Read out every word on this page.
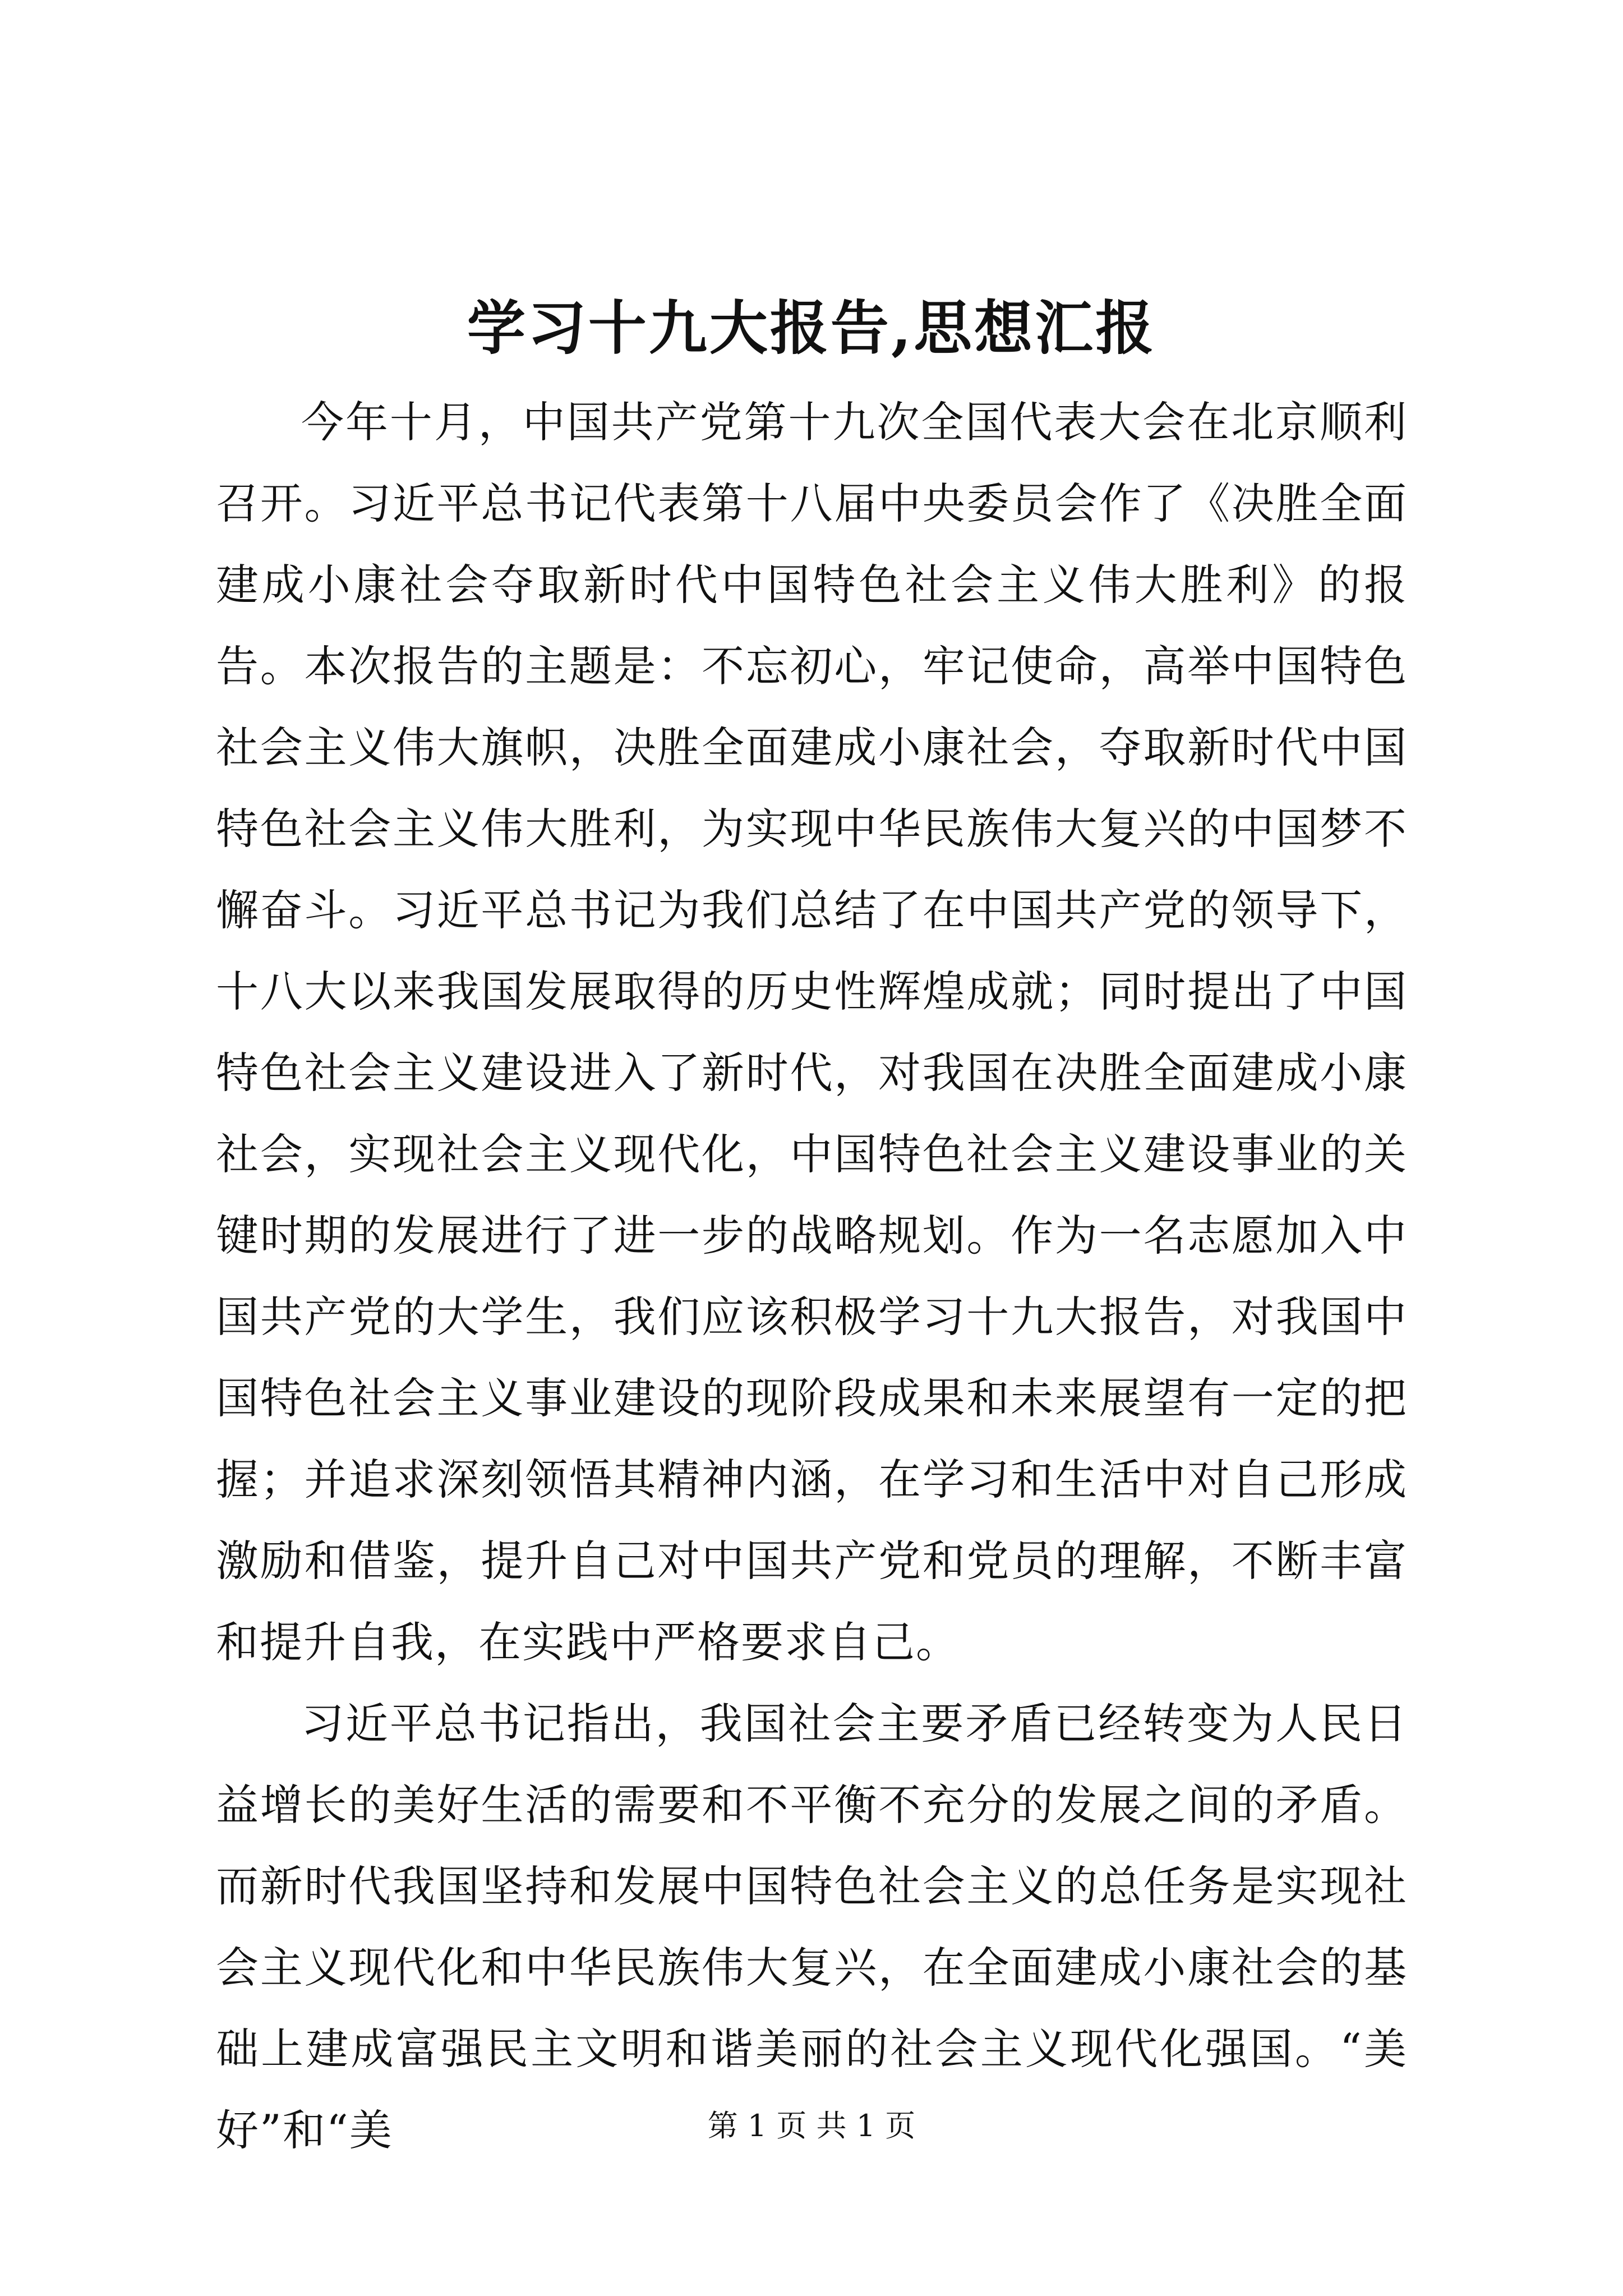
学习十九大报告,思想汇报

今年十月，中国共产党第十九次全国代表大会在北京顺利召开。习近平总书记代表第十八届中央委员会作了《决胜全面建成小康社会夺取新时代中国特色社会主义伟大胜利》的报告。本次报告的主题是：不忘初心，牢记使命，高举中国特色社会主义伟大旗帜，决胜全面建成小康社会，夺取新时代中国特色社会主义伟大胜利，为实现中华民族伟大复兴的中国梦不懈奋斗。习近平总书记为我们总结了在中国共产党的领导下，十八大以来我国发展取得的历史性辉煌成就；同时提出了中国特色社会主义建设进入了新时代，对我国在决胜全面建成小康社会，实现社会主义现代化，中国特色社会主义建设事业的关键时期的发展进行了进一步的战略规划。作为一名志愿加入中国共产党的大学生，我们应该积极学习十九大报告，对我国中国特色社会主义事业建设的现阶段成果和未来展望有一定的把握；并追求深刻领悟其精神内涵，在学习和生活中对自己形成激励和借鉴，提升自己对中国共产党和党员的理解，不断丰富和提升自我，在实践中严格要求自己。

习近平总书记指出，我国社会主要矛盾已经转变为人民日益增长的美好生活的需要和不平衡不充分的发展之间的矛盾。而新时代我国坚持和发展中国特色社会主义的总任务是实现社会主义现代化和中华民族伟大复兴，在全面建成小康社会的基础上建成富强民主文明和谐美丽的社会主义现代化强国。“美好”和“美	第 1 页 共 1 页
